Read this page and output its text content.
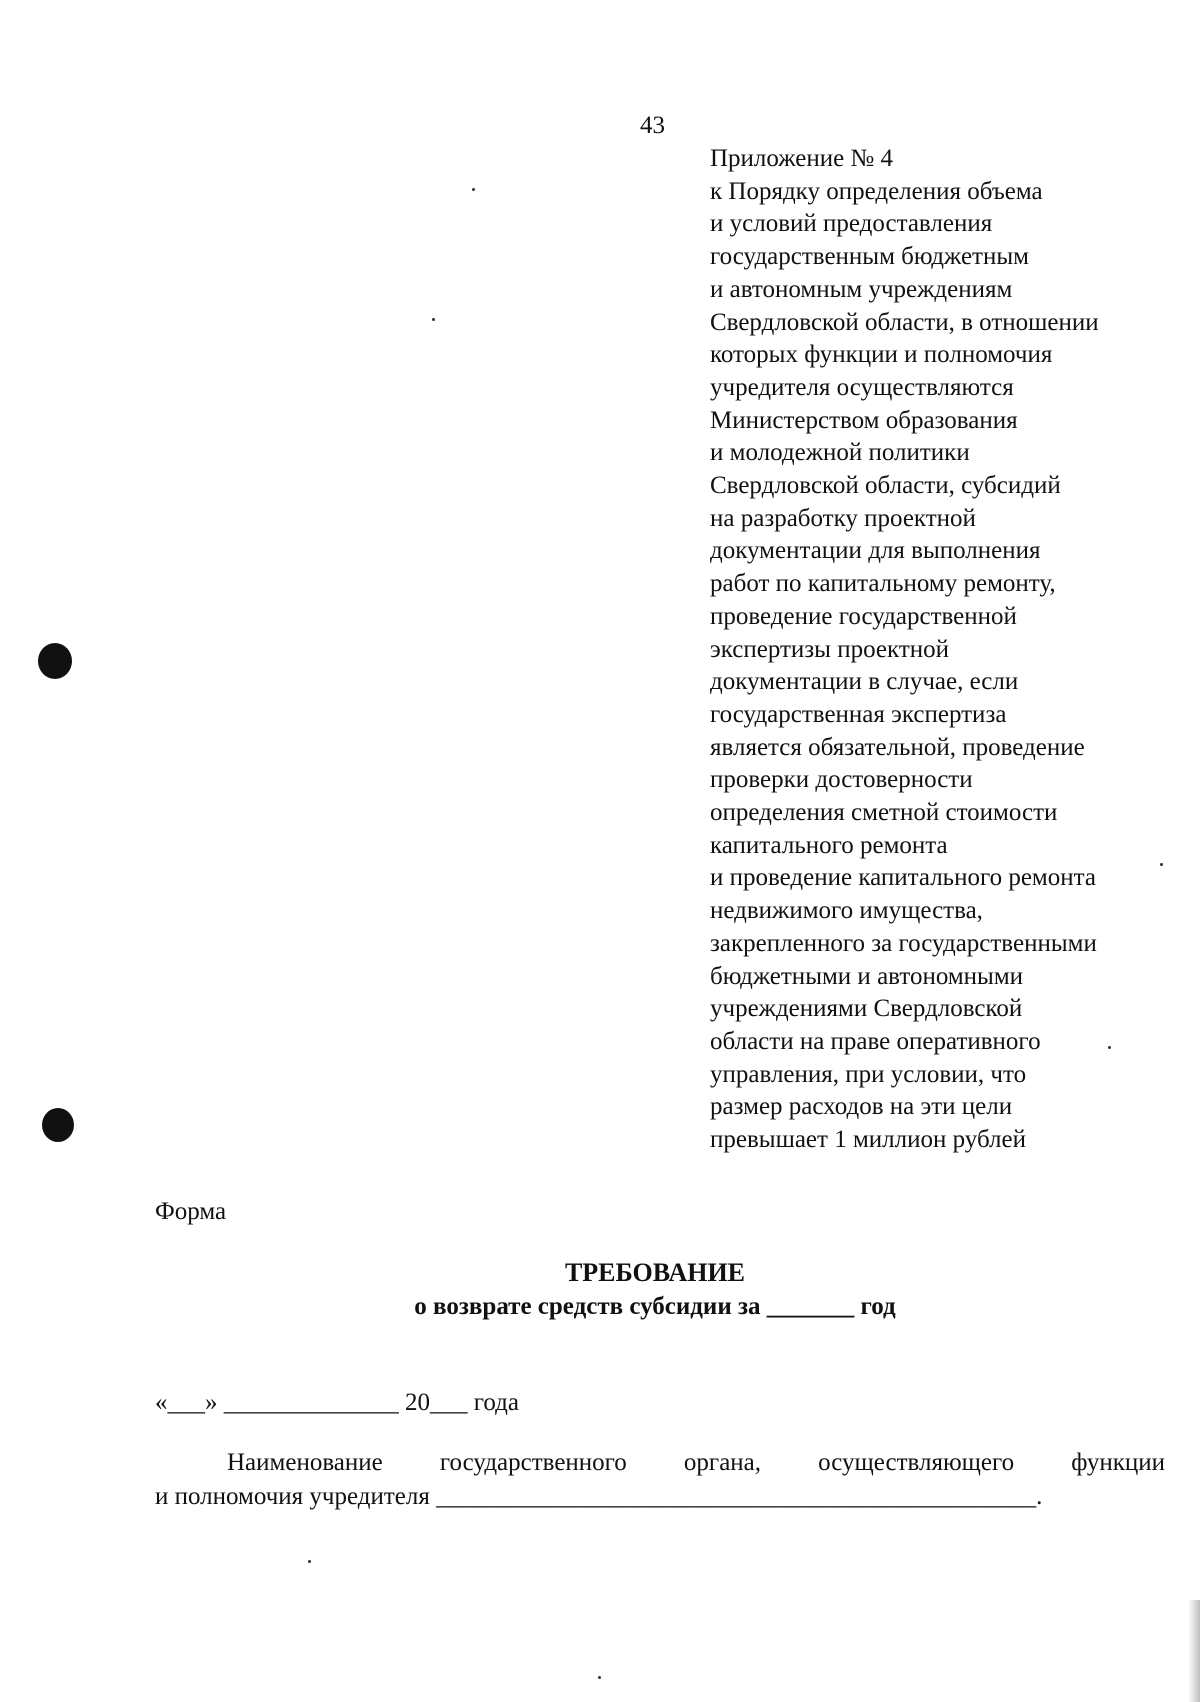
43
Приложение № 4
к Порядку определения объема
и условий предоставления
государственным бюджетным
и автономным учреждениям
Свердловской области, в отношении
которых функции и полномочия
учредителя осуществляются
Министерством образования
и молодежной политики
Свердловской области, субсидий
на разработку проектной
документации для выполнения
работ по капитальному ремонту,
проведение государственной
экспертизы проектной
документации в случае, если
государственная экспертиза
является обязательной, проведение
проверки достоверности
определения сметной стоимости
капитального ремонта
и проведение капитального ремонта
недвижимого имущества,
закрепленного за государственными
бюджетными и автономными
учреждениями Свердловской
области на праве оперативного
управления, при условии, что
размер расходов на эти цели
превышает 1 миллион рублей
Форма
ТРЕБОВАНИЕ
о возврате средств субсидии за _______ год
«___» ______________ 20___ года
Наименование государственного органа, осуществляющего функции
и полномочия учредителя ________________________________________________.
